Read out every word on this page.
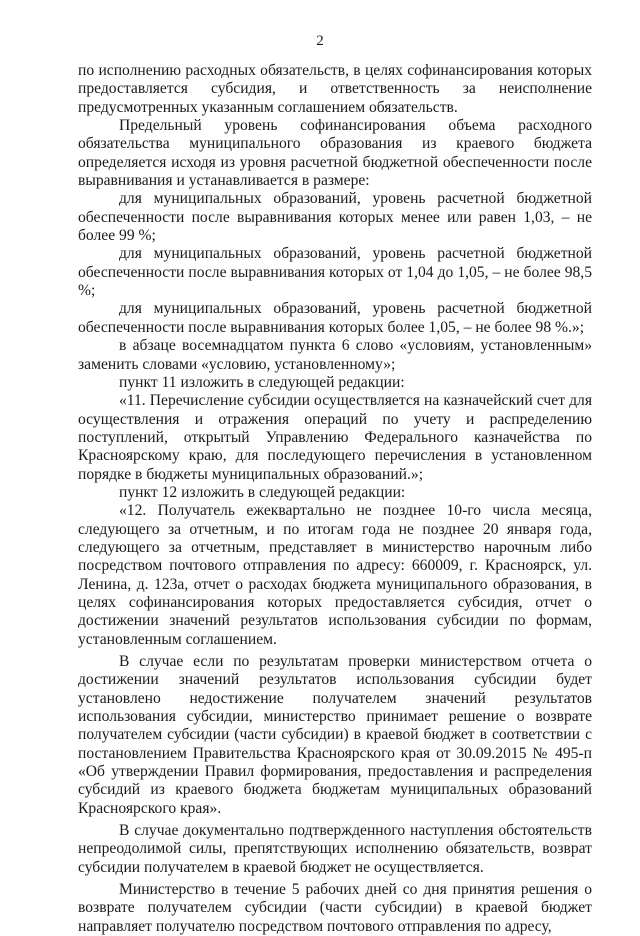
2

по исполнению расходных обязательств, в целях софинансирования которых предоставляется субсидия, и ответственность за неисполнение предусмотренных указанным соглашением обязательств.

Предельный уровень софинансирования объема расходного обязательства муниципального образования из краевого бюджета определяется исходя из уровня расчетной бюджетной обеспеченности после выравнивания и устанавливается в размере:

для муниципальных образований, уровень расчетной бюджетной обеспеченности после выравнивания которых менее или равен 1,03, – не более 99 %;

для муниципальных образований, уровень расчетной бюджетной обеспеченности после выравнивания которых от 1,04 до 1,05, – не более 98,5 %;

для муниципальных образований, уровень расчетной бюджетной обеспеченности после выравнивания которых более 1,05, – не более 98 %.»;

в абзаце восемнадцатом пункта 6 слово «условиям, установленным» заменить словами «условию, установленному»;

пункт 11 изложить в следующей редакции:

«11. Перечисление субсидии осуществляется на казначейский счет для осуществления и отражения операций по учету и распределению поступлений, открытый Управлению Федерального казначейства по Красноярскому краю, для последующего перечисления в установленном порядке в бюджеты муниципальных образований.»;

пункт 12 изложить в следующей редакции:

«12. Получатель ежеквартально не позднее 10-го числа месяца, следующего за отчетным, и по итогам года не позднее 20 января года, следующего за отчетным, представляет в министерство нарочным либо посредством почтового отправления по адресу: 660009, г. Красноярск, ул. Ленина, д. 123а, отчет о расходах бюджета муниципального образования, в целях софинансирования которых предоставляется субсидия, отчет о достижении значений результатов использования субсидии по формам, установленным соглашением.

В случае если по результатам проверки министерством отчета о достижении значений результатов использования субсидии будет установлено недостижение получателем значений результатов использования субсидии, министерство принимает решение о возврате получателем субсидии (части субсидии) в краевой бюджет в соответствии с постановлением Правительства Красноярского края от 30.09.2015 № 495-п «Об утверждении Правил формирования, предоставления и распределения субсидий из краевого бюджета бюджетам муниципальных образований Красноярского края».

В случае документально подтвержденного наступления обстоятельств непреодолимой силы, препятствующих исполнению обязательств, возврат субсидии получателем в краевой бюджет не осуществляется.

Министерство в течение 5 рабочих дней со дня принятия решения о возврате получателем субсидии (части субсидии) в краевой бюджет направляет получателю посредством почтового отправления по адресу,
